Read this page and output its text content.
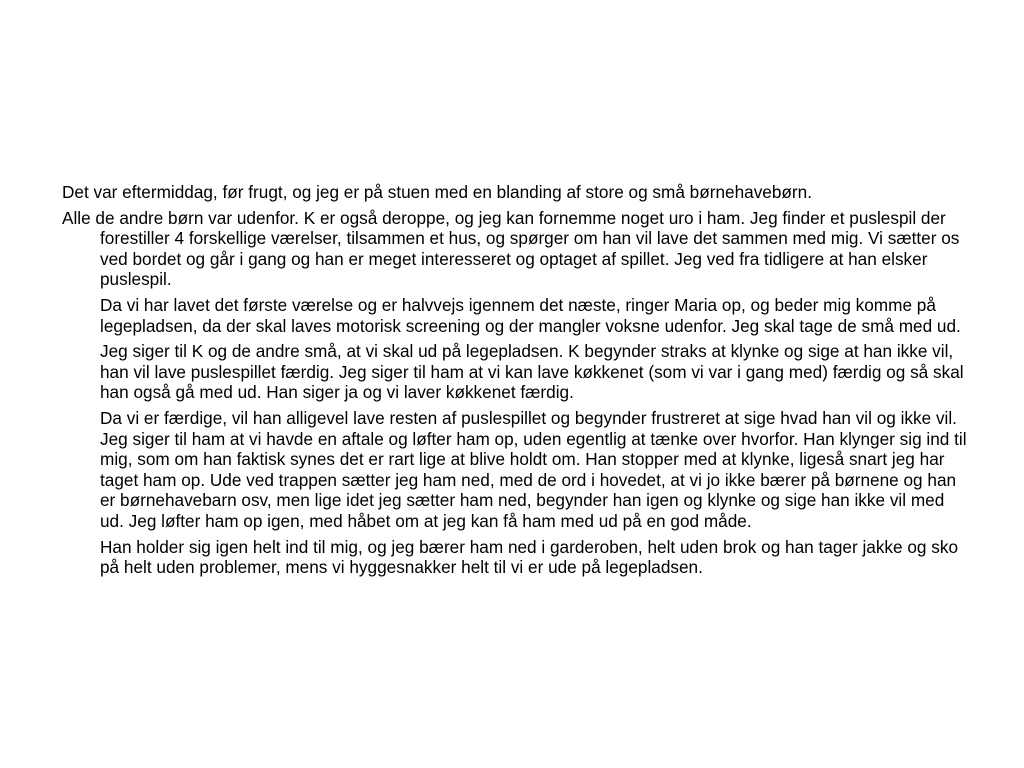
Det var eftermiddag, før frugt, og jeg er på stuen med en blanding af store og små børnehavebørn.

Alle de andre børn var udenfor. K er også deroppe, og jeg kan fornemme noget uro i ham. Jeg finder et puslespil der forestiller 4 forskellige værelser, tilsammen et hus, og spørger om han vil lave det sammen med mig. Vi sætter os ved bordet og går i gang og han er meget interesseret og optaget af spillet. Jeg ved fra tidligere at han elsker puslespil.

Da vi har lavet det første værelse og er halvvejs igennem det næste, ringer Maria op, og beder mig komme på legepladsen, da der skal laves motorisk screening og der mangler voksne udenfor. Jeg skal tage de små med ud.

Jeg siger til K og de andre små, at vi skal ud på legepladsen. K begynder straks at klynke og sige at han ikke vil, han vil lave puslespillet færdig. Jeg siger til ham at vi kan lave køkkenet (som vi var i gang med) færdig og så skal han også gå med ud. Han siger ja og vi laver køkkenet færdig.

Da vi er færdige, vil han alligevel lave resten af puslespillet og begynder frustreret at sige hvad han vil og ikke vil. Jeg siger til ham at vi havde en aftale og løfter ham op, uden egentlig at tænke over hvorfor. Han klynger sig ind til mig, som om han faktisk synes det er rart lige at blive holdt om. Han stopper med at klynke, ligeså snart jeg har taget ham op. Ude ved trappen sætter jeg ham ned, med de ord i hovedet, at vi jo ikke bærer på børnene og han er børnehavebarn osv, men lige idet jeg sætter ham ned, begynder han igen og klynke og sige han ikke vil med ud. Jeg løfter ham op igen, med håbet om at jeg kan få ham med ud på en god måde.

Han holder sig igen helt ind til mig, og jeg bærer ham ned i garderoben, helt uden brok og han tager jakke og sko på helt uden problemer, mens vi hyggesnakker helt til vi er ude på legepladsen.
